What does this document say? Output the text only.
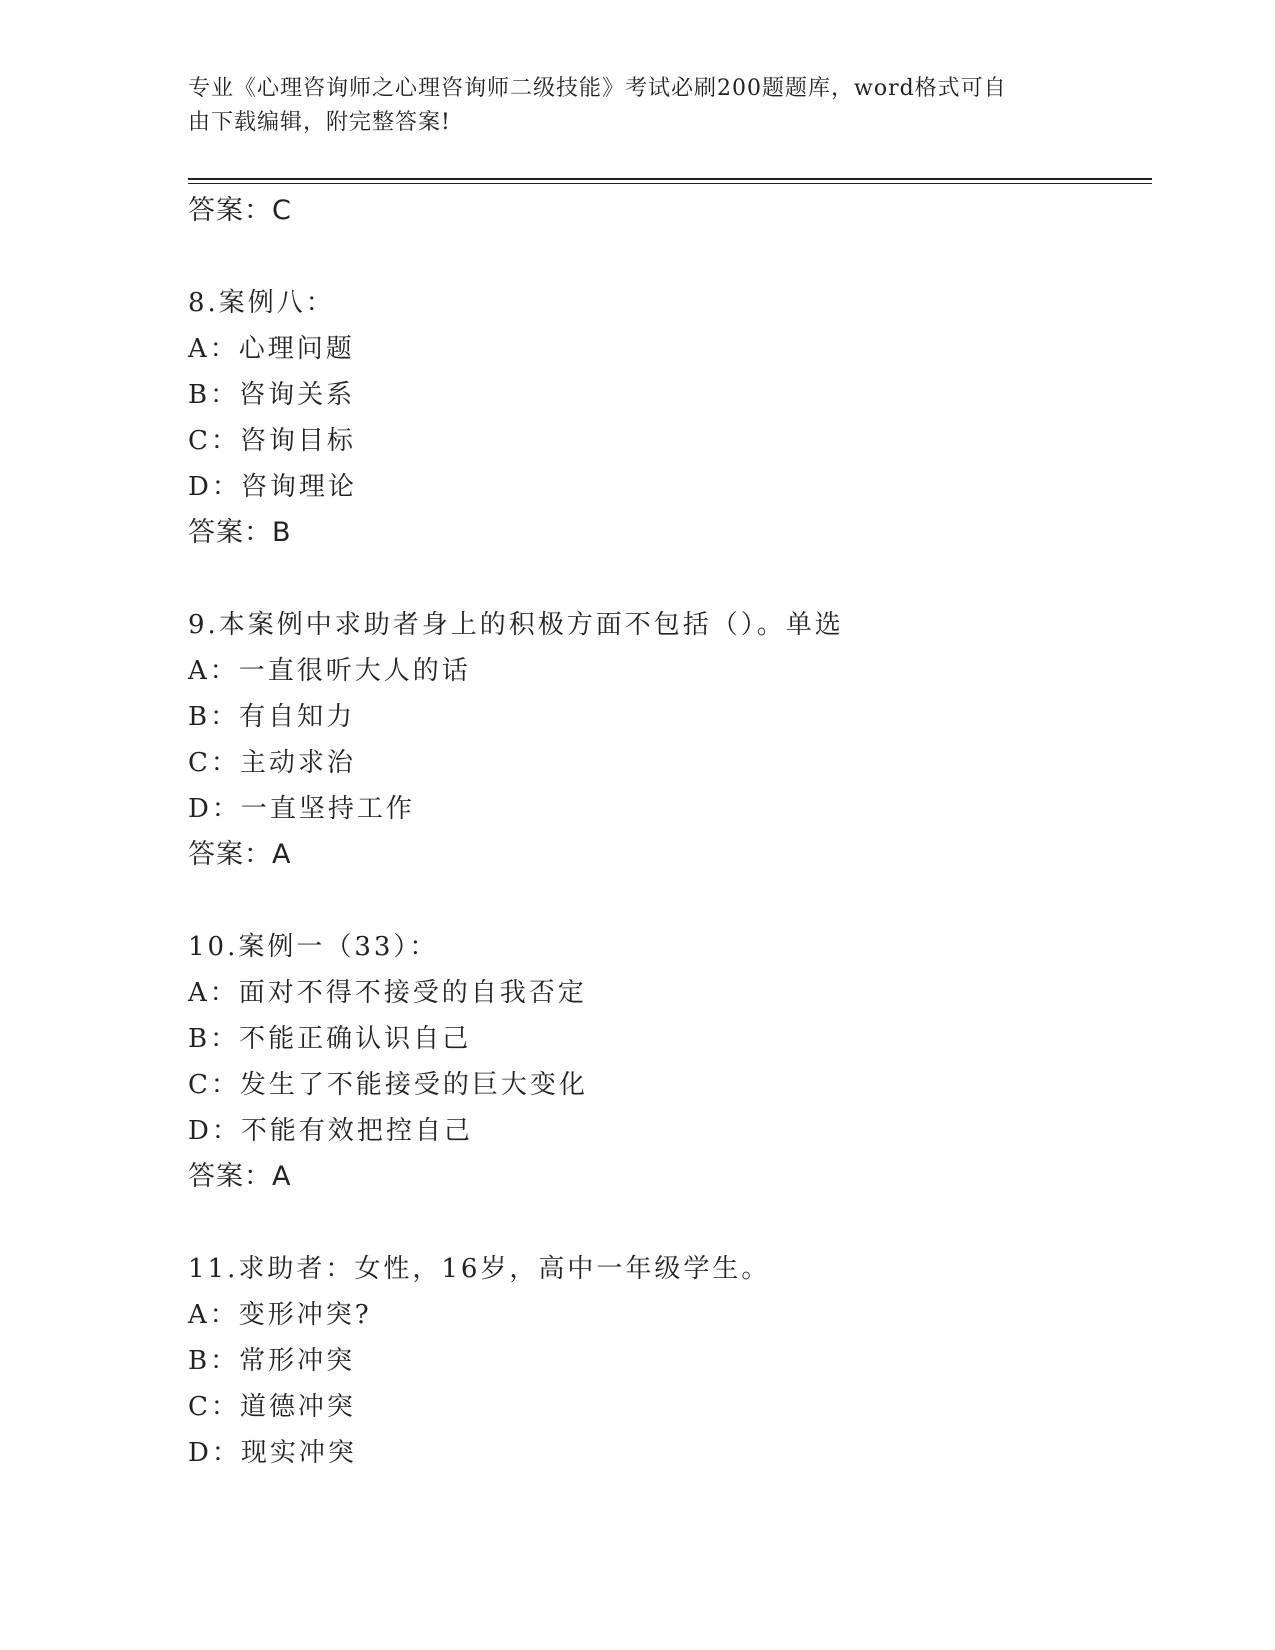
专业《心理咨询师之心理咨询师二级技能》考试必刷200题题库，word格式可自
由下载编辑，附完整答案!
答案：C
8.案例八：
A：心理问题
B：咨询关系
C：咨询目标
D：咨询理论
答案：B
9.本案例中求助者身上的积极方面不包括（）。单选
A：一直很听大人的话
B：有自知力
C：主动求治
D：一直坚持工作
答案：A
10.案例一（33）：
A：面对不得不接受的自我否定
B：不能正确认识自己
C：发生了不能接受的巨大变化
D：不能有效把控自己
答案：A
11.求助者：女性，16岁，高中一年级学生。
A：变形冲突?
B：常形冲突
C：道德冲突
D：现实冲突
